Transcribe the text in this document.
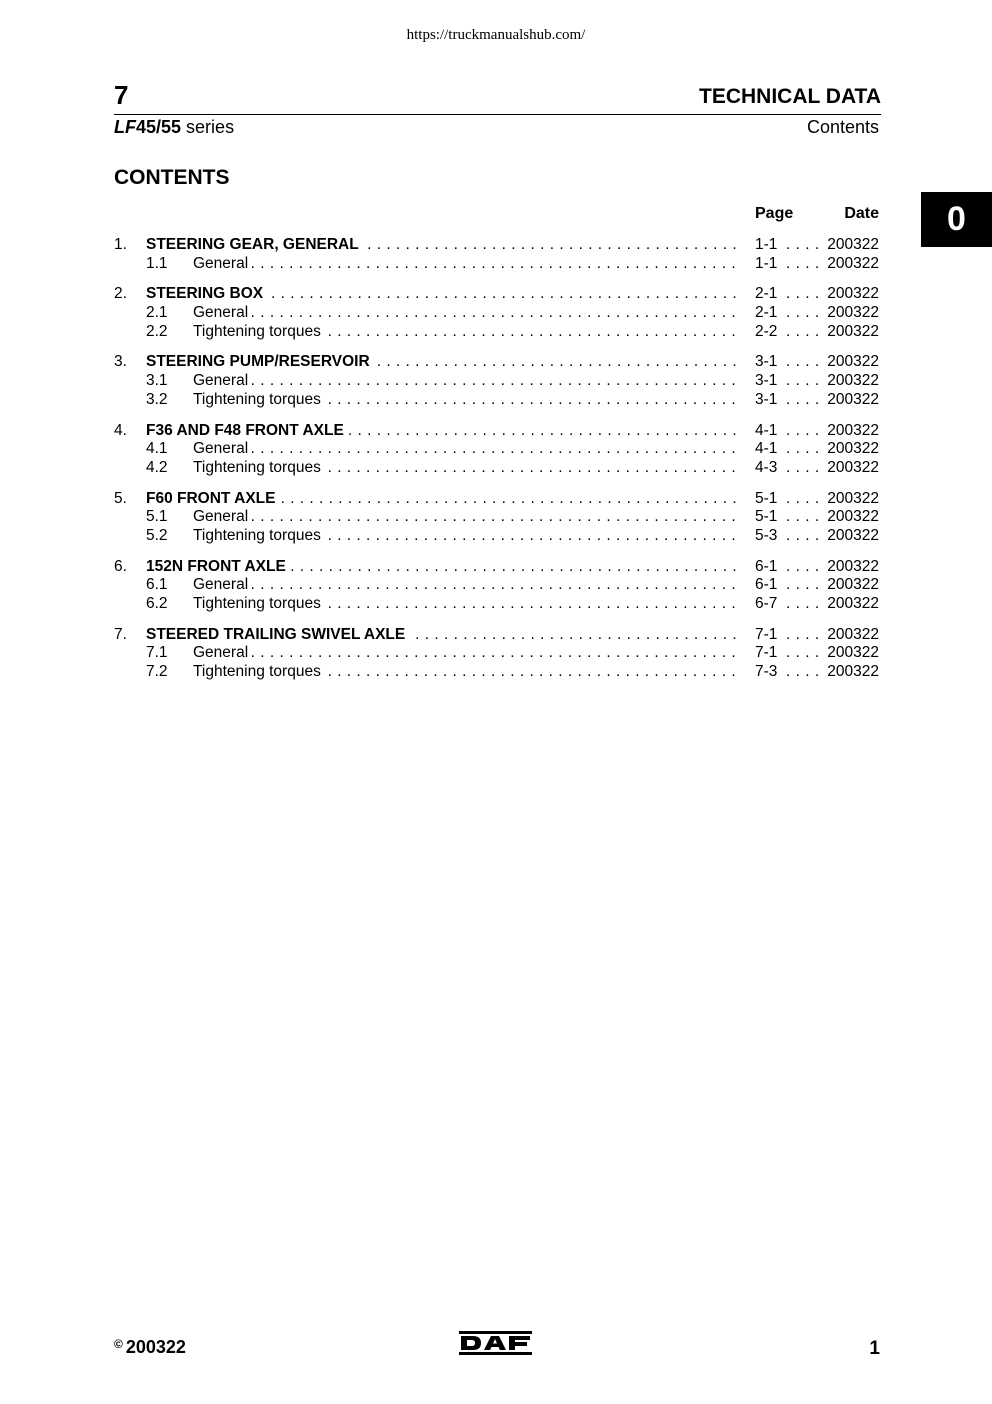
https://truckmanualshub.com/
7	TECHNICAL DATA
LF45/55 series	Contents
CONTENTS
0
Page	Date
1. STEERING GEAR, GENERAL . . .	1-1 . . . . 200322
1.1 General . . .	1-1 . . . . 200322
2. STEERING BOX . . .	2-1 . . . . 200322
2.1 General . . .	2-1 . . . . 200322
2.2 Tightening torques . . .	2-2 . . . . 200322
3. STEERING PUMP/RESERVOIR . . .	3-1 . . . . 200322
3.1 General . . .	3-1 . . . . 200322
3.2 Tightening torques . . .	3-1 . . . . 200322
4. F36 AND F48 FRONT AXLE . . .	4-1 . . . . 200322
4.1 General . . .	4-1 . . . . 200322
4.2 Tightening torques . . .	4-3 . . . . 200322
5. F60 FRONT AXLE . . .	5-1 . . . . 200322
5.1 General . . .	5-1 . . . . 200322
5.2 Tightening torques . . .	5-3 . . . . 200322
6. 152N FRONT AXLE . . .	6-1 . . . . 200322
6.1 General . . .	6-1 . . . . 200322
6.2 Tightening torques . . .	6-7 . . . . 200322
7. STEERED TRAILING SWIVEL AXLE . . .	7-1 . . . . 200322
7.1 General . . .	7-1 . . . . 200322
7.2 Tightening torques . . .	7-3 . . . . 200322
© 200322	1
